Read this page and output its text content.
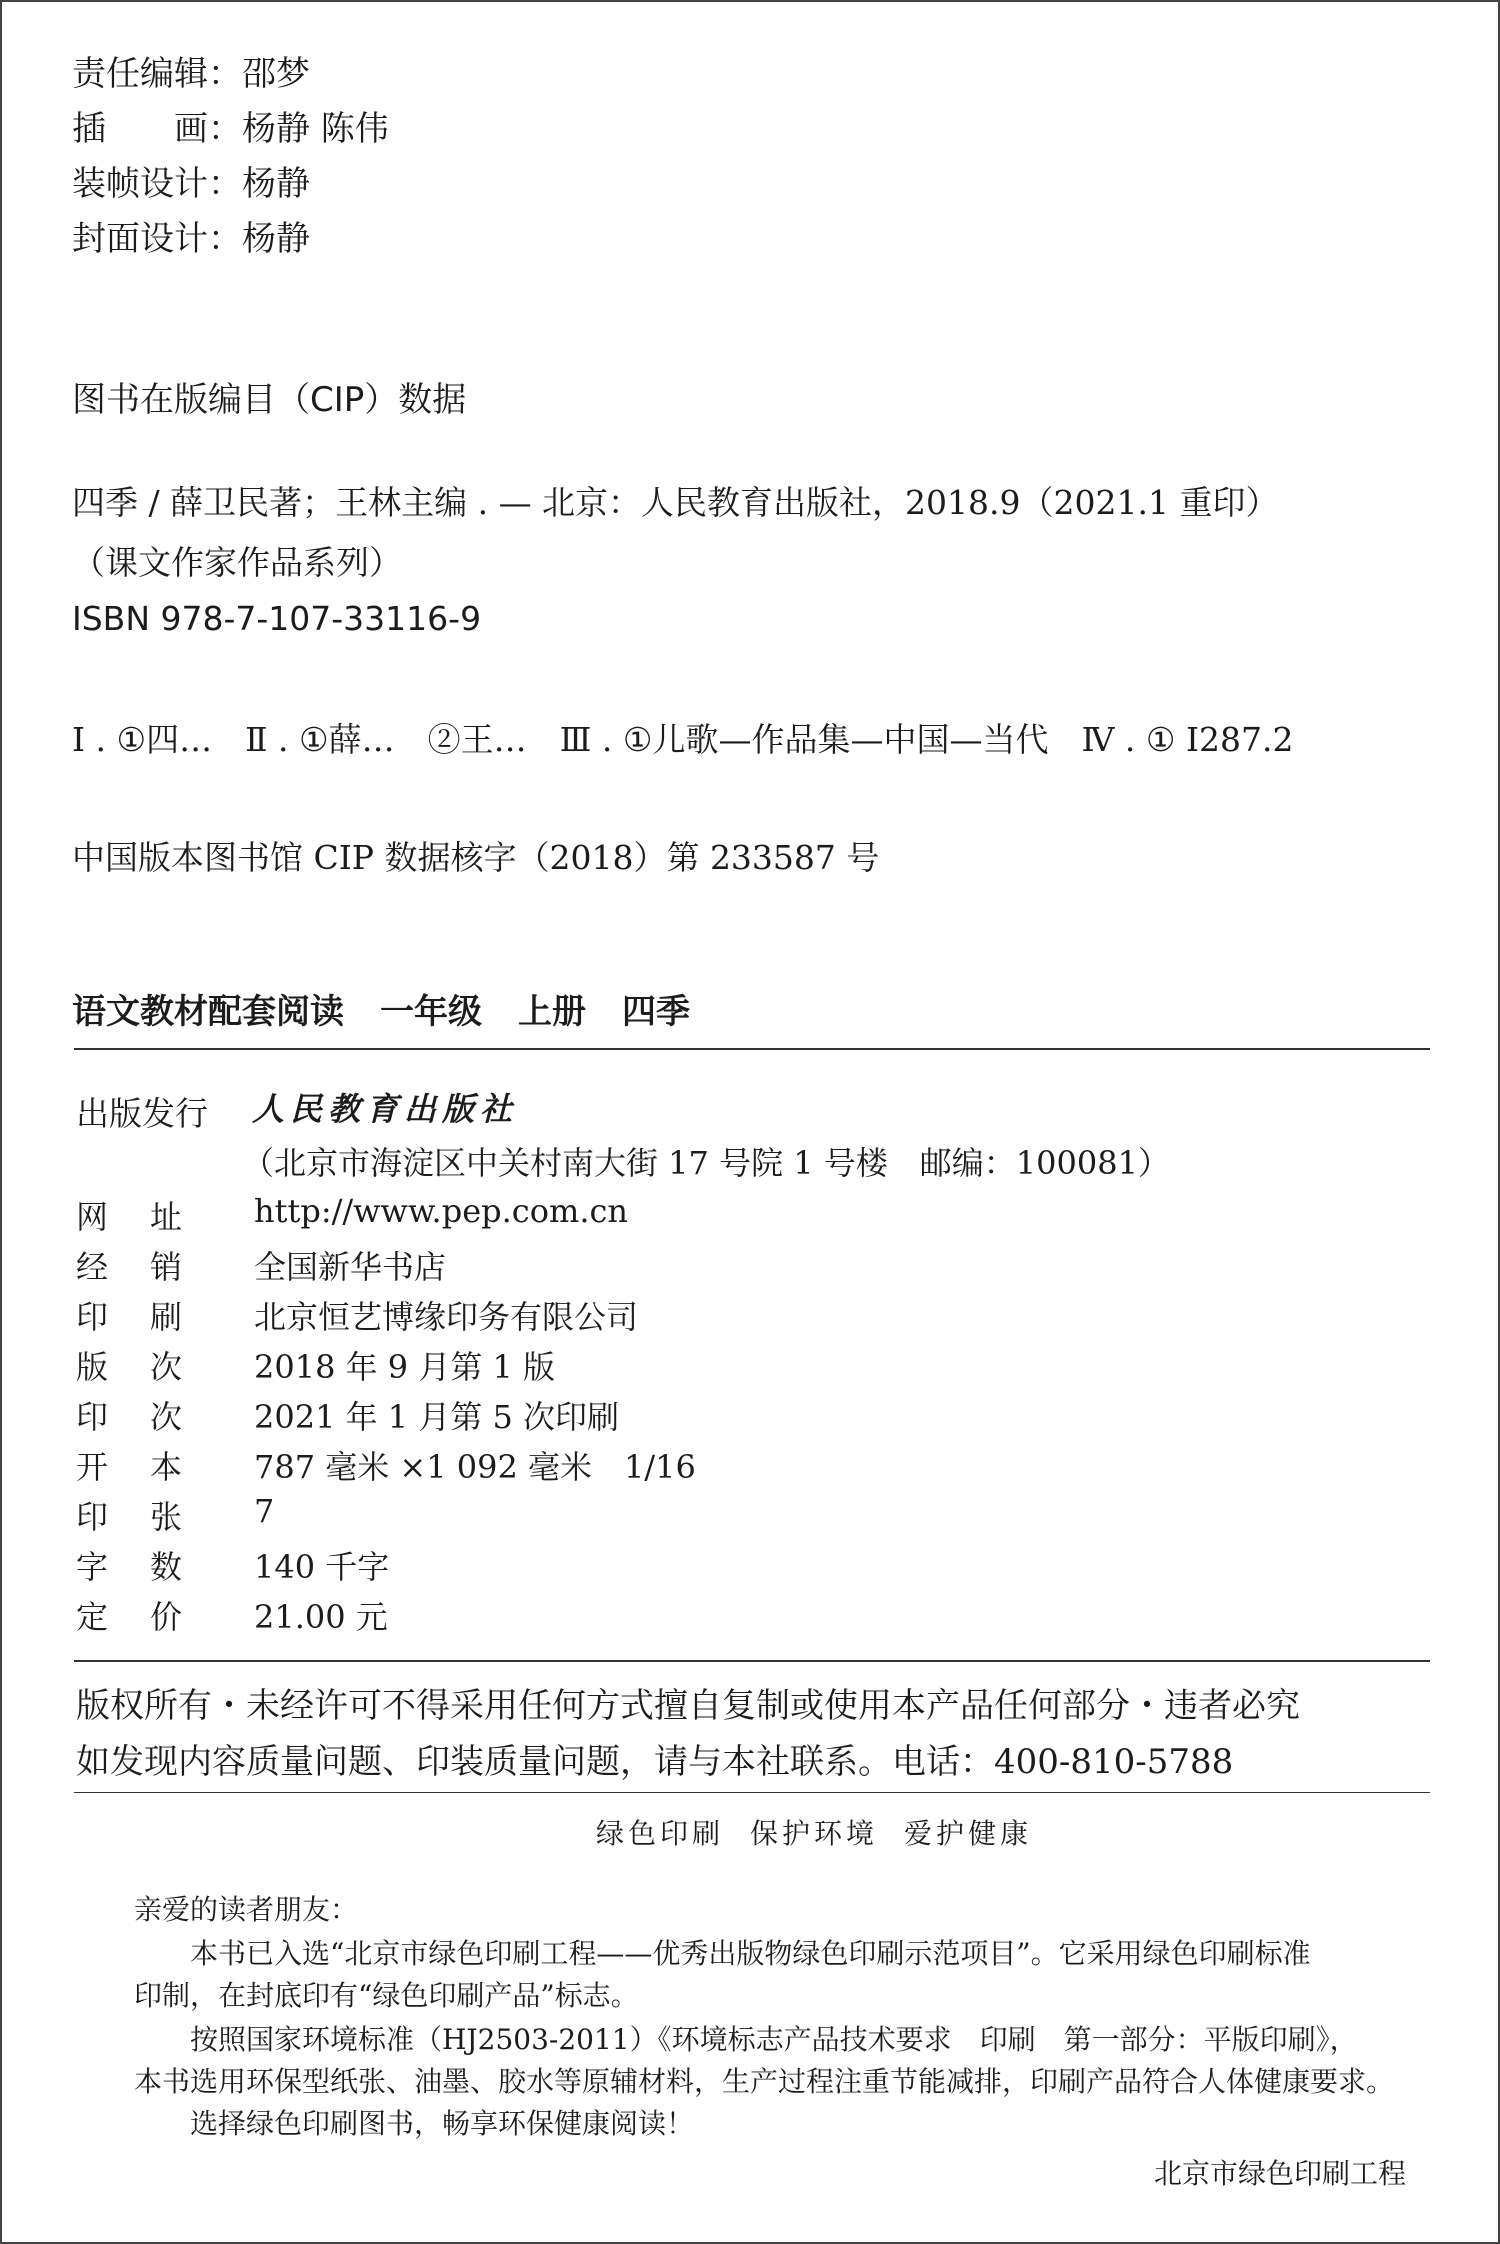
责任编辑：邵梦
插　　画：杨静 陈伟
装帧设计：杨静
封面设计：杨静
图书在版编目（CIP）数据
四季 / 薛卫民著；王林主编 . — 北京：人民教育出版社，2018.9（2021.1 重印）
（课文作家作品系列）
ISBN 978-7-107-33116-9
Ⅰ . ①四…　Ⅱ . ①薛…　②王…　Ⅲ . ①儿歌—作品集—中国—当代　Ⅳ . ① I287.2
中国版本图书馆 CIP 数据核字（2018）第 233587 号
语文教材配套阅读 一年级 上册 四季
出版发行 人民教育出版社
（北京市海淀区中关村南大街 17 号院 1 号楼　邮编：100081）
网 址 http://www.pep.com.cn
经 销 全国新华书店
印 刷 北京恒艺博缘印务有限公司
版 次 2018 年 9 月第 1 版
印 次 2021 年 1 月第 5 次印刷
开 本 787 毫米 ×1 092 毫米　1/16
印 张 7
字 数 140 千字
定 价 21.00 元
版权所有・未经许可不得采用任何方式擅自复制或使用本产品任何部分・违者必究
如发现内容质量问题、印装质量问题，请与本社联系。电话：400-810-5788
绿色印刷 保护环境 爱护健康
亲爱的读者朋友：
本书已入选“北京市绿色印刷工程——优秀出版物绿色印刷示范项目”。它采用绿色印刷标准
印制，在封底印有“绿色印刷产品”标志。
按照国家环境标准（HJ2503-2011）《环境标志产品技术要求　印刷　第一部分：平版印刷》，
本书选用环保型纸张、油墨、胶水等原辅材料，生产过程注重节能减排，印刷产品符合人体健康要求。
选择绿色印刷图书，畅享环保健康阅读！
北京市绿色印刷工程
